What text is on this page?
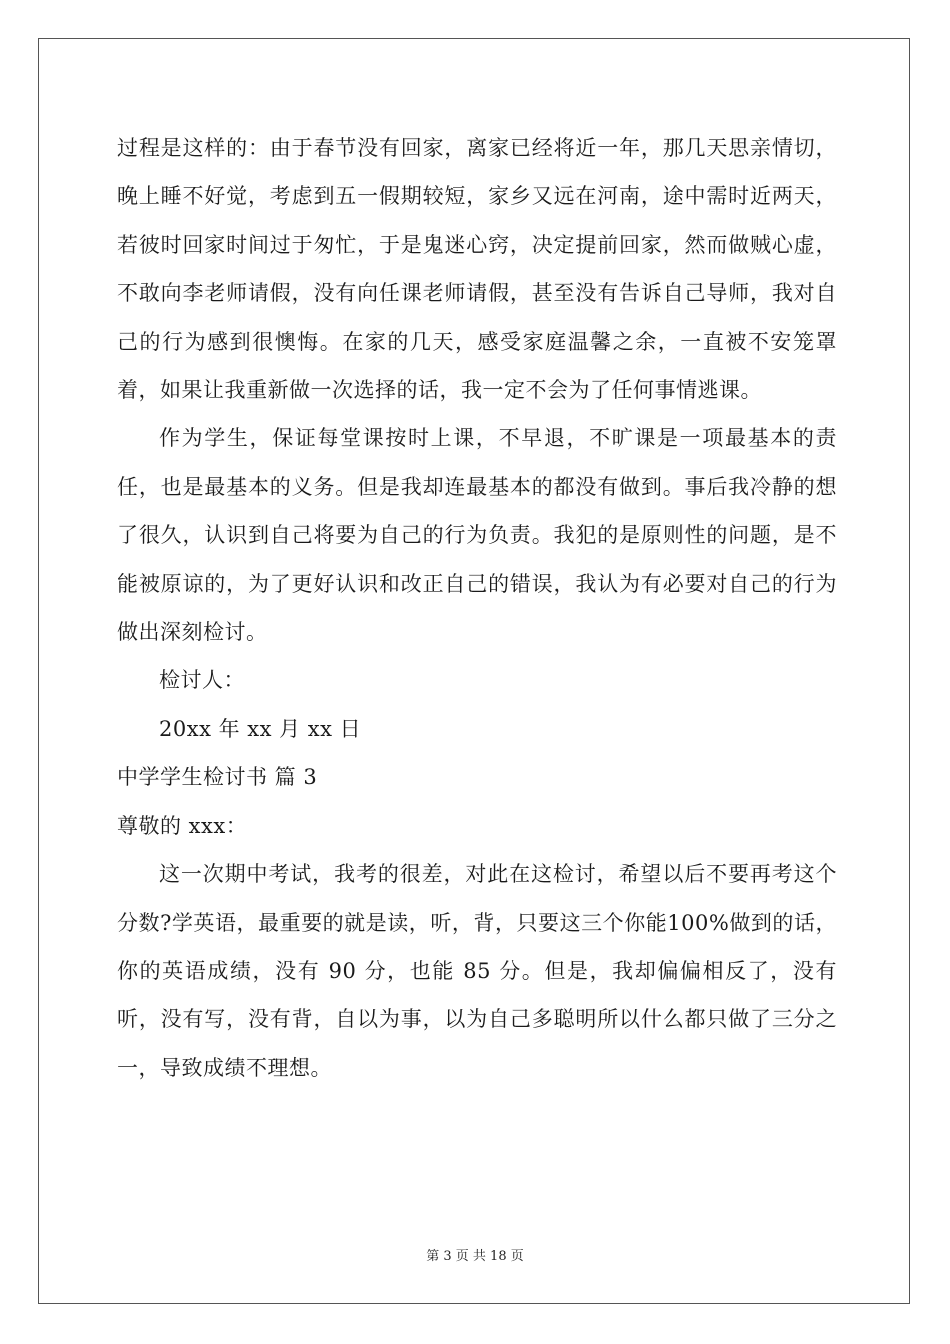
过程是这样的：由于春节没有回家，离家已经将近一年，那几天思亲情切，晚上睡不好觉，考虑到五一假期较短，家乡又远在河南，途中需时近两天，若彼时回家时间过于匆忙，于是鬼迷心窍，决定提前回家，然而做贼心虚，不敢向李老师请假，没有向任课老师请假，甚至没有告诉自己导师，我对自己的行为感到很懊悔。在家的几天，感受家庭温馨之余，一直被不安笼罩着，如果让我重新做一次选择的话，我一定不会为了任何事情逃课。

作为学生，保证每堂课按时上课，不早退，不旷课是一项最基本的责任，也是最基本的义务。但是我却连最基本的都没有做到。事后我冷静的想了很久，认识到自己将要为自己的行为负责。我犯的是原则性的问题，是不能被原谅的，为了更好认识和改正自己的错误，我认为有必要对自己的行为做出深刻检讨。

检讨人：

20xx 年 xx 月 xx 日

中学学生检讨书 篇 3

尊敬的 xxx：

这一次期中考试，我考的很差，对此在这检讨，希望以后不要再考这个分数?学英语，最重要的就是读，听，背，只要这三个你能100%做到的话，你的英语成绩，没有 90 分，也能 85 分。但是，我却偏偏相反了，没有听，没有写，没有背，自以为事，以为自己多聪明所以什么都只做了三分之一，导致成绩不理想。

第 3 页 共 18 页
